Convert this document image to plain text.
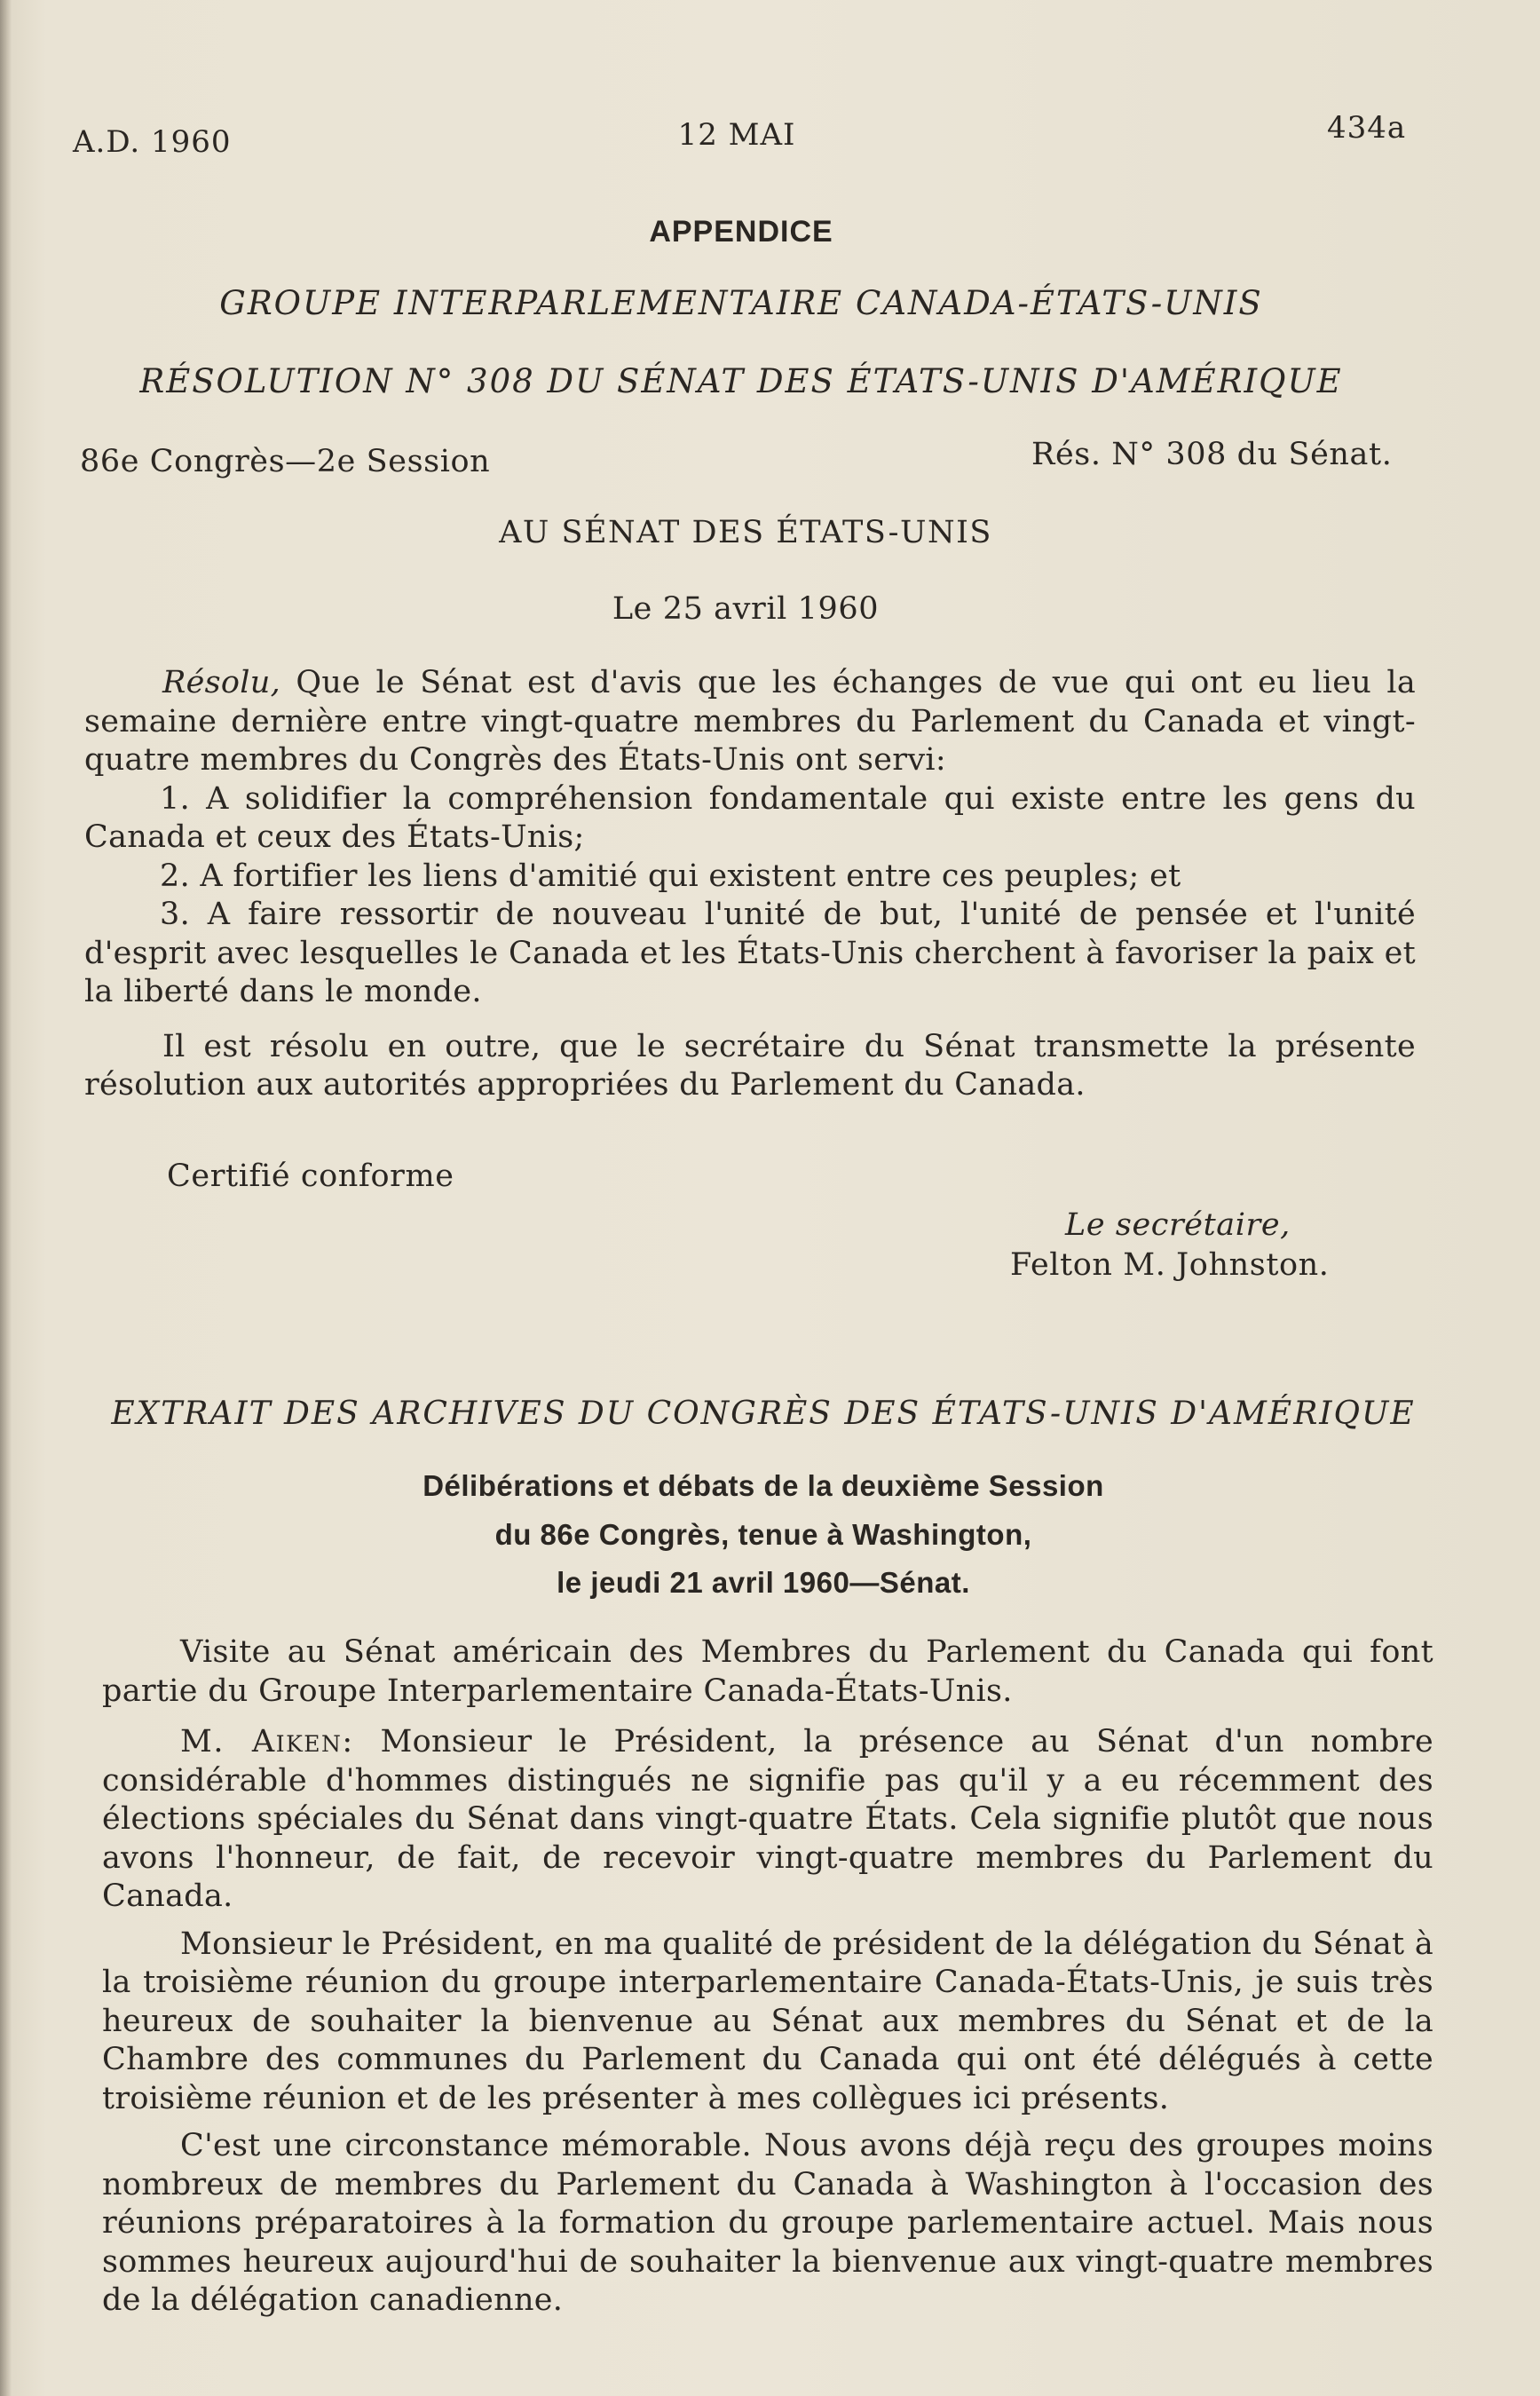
A.D. 1960	12 MAI	434a
APPENDICE
GROUPE INTERPARLEMENTAIRE CANADA-ÉTATS-UNIS
RÉSOLUTION N° 308 DU SÉNAT DES ÉTATS-UNIS D'AMÉRIQUE
86e Congrès—2e Session	Rés. N° 308 du Sénat.
AU SÉNAT DES ÉTATS-UNIS
Le 25 avril 1960

Résolu, Que le Sénat est d'avis que les échanges de vue qui ont eu lieu la semaine dernière entre vingt-quatre membres du Parlement du Canada et vingt-quatre membres du Congrès des États-Unis ont servi:

1. A solidifier la compréhension fondamentale qui existe entre les gens du Canada et ceux des États-Unis;

2. A fortifier les liens d'amitié qui existent entre ces peuples; et

3. A faire ressortir de nouveau l'unité de but, l'unité de pensée et l'unité d'esprit avec lesquelles le Canada et les États-Unis cherchent à favoriser la paix et la liberté dans le monde.

Il est résolu en outre, que le secrétaire du Sénat transmette la présente résolution aux autorités appropriées du Parlement du Canada.

Certifié conforme
Le secrétaire,
Felton M. Johnston.
EXTRAIT DES ARCHIVES DU CONGRÈS DES ÉTATS-UNIS D'AMÉRIQUE
Délibérations et débats de la deuxième Session
du 86e Congrès, tenue à Washington,
le jeudi 21 avril 1960—Sénat.

Visite au Sénat américain des Membres du Parlement du Canada qui font partie du Groupe Interparlementaire Canada-États-Unis.

M. Aiken: Monsieur le Président, la présence au Sénat d'un nombre considérable d'hommes distingués ne signifie pas qu'il y a eu récemment des élections spéciales du Sénat dans vingt-quatre États. Cela signifie plutôt que nous avons l'honneur, de fait, de recevoir vingt-quatre membres du Parlement du Canada.

Monsieur le Président, en ma qualité de président de la délégation du Sénat à la troisième réunion du groupe interparlementaire Canada-États-Unis, je suis très heureux de souhaiter la bienvenue au Sénat aux membres du Sénat et de la Chambre des communes du Parlement du Canada qui ont été délégués à cette troisième réunion et de les présenter à mes collègues ici présents.

C'est une circonstance mémorable. Nous avons déjà reçu des groupes moins nombreux de membres du Parlement du Canada à Washington à l'occasion des réunions préparatoires à la formation du groupe parlementaire actuel. Mais nous sommes heureux aujourd'hui de souhaiter la bienvenue aux vingt-quatre membres de la délégation canadienne.
